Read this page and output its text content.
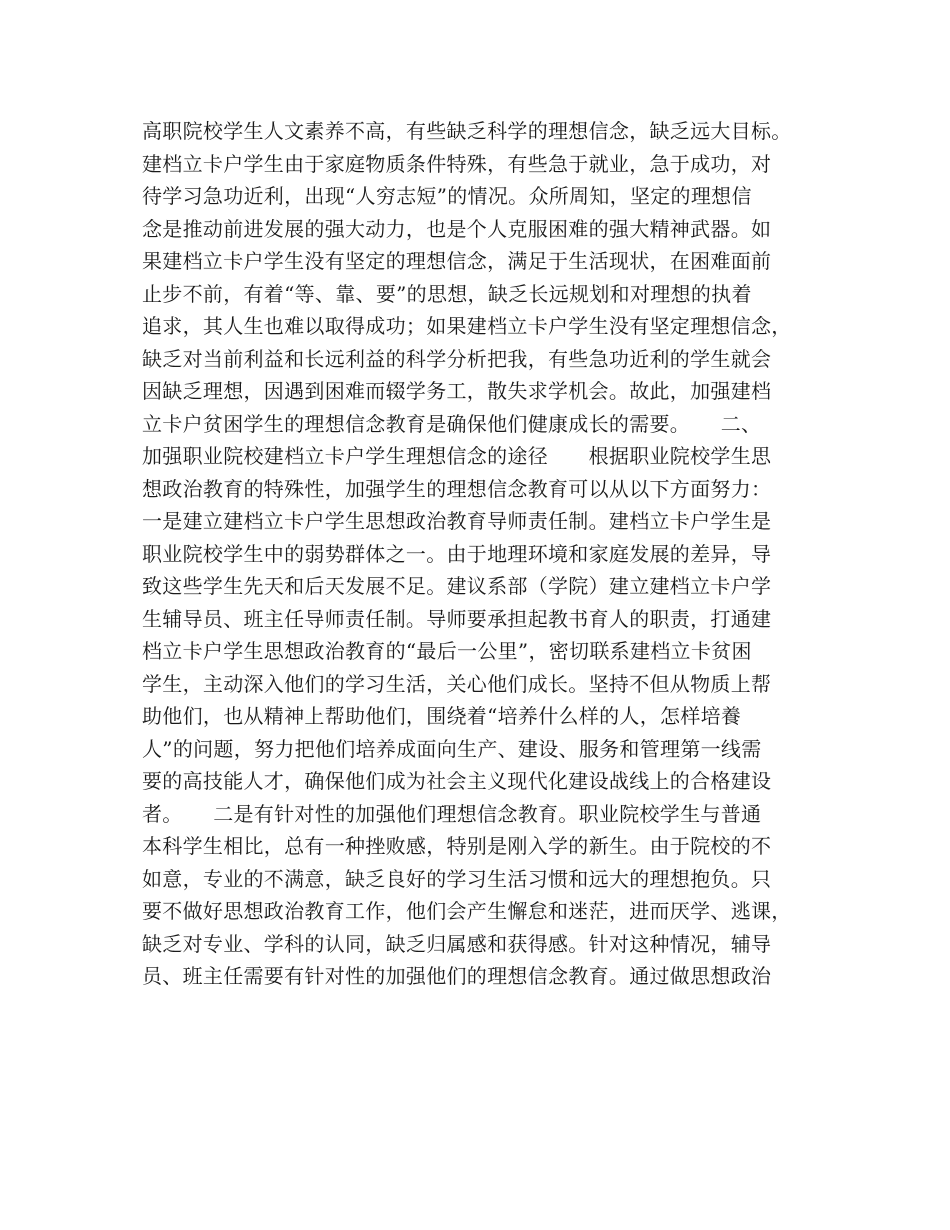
高职院校学生人文素养不高，有些缺乏科学的理想信念，缺乏远大目标。
建档立卡户学生由于家庭物质条件特殊，有些急于就业，急于成功，对
待学习急功近利，出现“人穷志短”的情况。众所周知，坚定的理想信
念是推动前进发展的强大动力，也是个人克服困难的强大精神武器。如
果建档立卡户学生没有坚定的理想信念，满足于生活现状，在困难面前
止步不前，有着“等、靠、要”的思想，缺乏长远规划和对理想的执着
追求，其人生也难以取得成功；如果建档立卡户学生没有坚定理想信念，
缺乏对当前利益和长远利益的科学分析把我，有些急功近利的学生就会
因缺乏理想，因遇到困难而辍学务工，散失求学机会。故此，加强建档
立卡户贫困学生的理想信念教育是确保他们健康成长的需要。　　二、
加强职业院校建档立卡户学生理想信念的途径　　根据职业院校学生思
想政治教育的特殊性，加强学生的理想信念教育可以从以下方面努力：
一是建立建档立卡户学生思想政治教育导师责任制。建档立卡户学生是
职业院校学生中的弱势群体之一。由于地理环境和家庭发展的差异，导
致这些学生先天和后天发展不足。建议系部（学院）建立建档立卡户学
生辅导员、班主任导师责任制。导师要承担起教书育人的职责，打通建
档立卡户学生思想政治教育的“最后一公里”，密切联系建档立卡贫困
学生，主动深入他们的学习生活，关心他们成长。坚持不但从物质上帮
助他们，也从精神上帮助他们，围绕着“培养什么样的人，怎样培養
人”的问题，努力把他们培养成面向生产、建设、服务和管理第一线需
要的高技能人才，确保他们成为社会主义现代化建设战线上的合格建设
者。　　二是有针对性的加强他们理想信念教育。职业院校学生与普通
本科学生相比，总有一种挫败感，特别是刚入学的新生。由于院校的不
如意，专业的不满意，缺乏良好的学习生活习惯和远大的理想抱负。只
要不做好思想政治教育工作，他们会产生懈怠和迷茫，进而厌学、逃课，
缺乏对专业、学科的认同，缺乏归属感和获得感。针对这种情况，辅导
员、班主任需要有针对性的加强他们的理想信念教育。通过做思想政治
